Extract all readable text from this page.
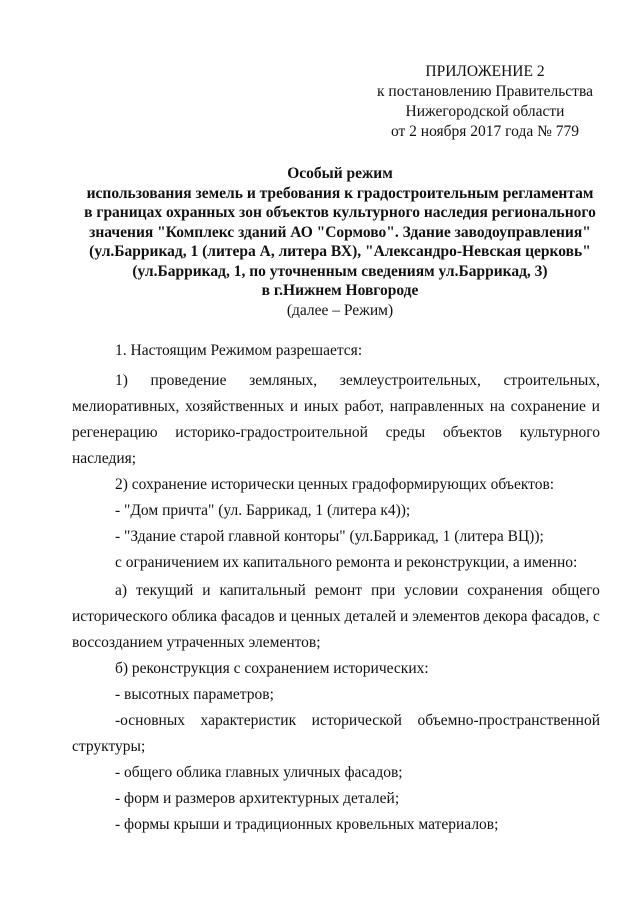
ПРИЛОЖЕНИЕ 2
к постановлению Правительства
Нижегородской области
от 2 ноября 2017 года № 779
Особый режим
использования земель и требования к градостроительным регламентам
в границах охранных зон объектов культурного наследия регионального
значения "Комплекс зданий АО "Сормово". Здание заводоуправления"
(ул.Баррикад, 1 (литера А, литера ВХ), "Александро-Невская церковь"
(ул.Баррикад, 1, по уточненным сведениям ул.Баррикад, 3)
в г.Нижнем Новгороде
(далее – Режим)
1. Настоящим Режимом разрешается:
1) проведение земляных, землеустроительных, строительных,
мелиоративных, хозяйственных и иных работ, направленных на сохранение и
регенерацию историко-градостроительной среды объектов культурного
наследия;
2) сохранение исторически ценных градоформирующих объектов:
- "Дом причта" (ул. Баррикад, 1 (литера к4));
- "Здание старой главной конторы" (ул.Баррикад, 1 (литера ВЦ));
с ограничением их капитального ремонта и реконструкции, а именно:
а) текущий и капитальный ремонт при условии сохранения общего
исторического облика фасадов и ценных деталей и элементов декора фасадов, с
воссозданием утраченных элементов;
б) реконструкция с сохранением исторических:
- высотных параметров;
-основных характеристик исторической объемно-пространственной
структуры;
- общего облика главных уличных фасадов;
- форм и размеров архитектурных деталей;
- формы крыши и традиционных кровельных материалов;
